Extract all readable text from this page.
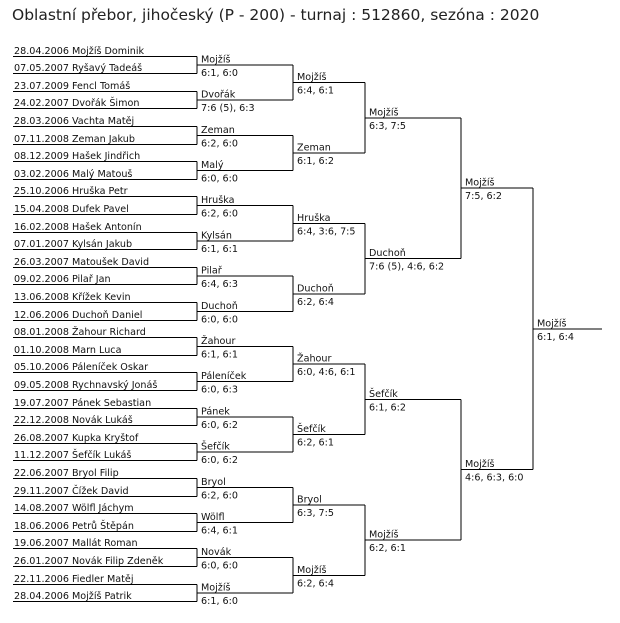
Oblastní přebor, jihočeský (P - 200) - turnaj : 512860, sezóna : 2020
28.04.2006 Mojžíš Dominik
07.05.2007 Ryšavý Tadeáš
23.07.2009 Fencl Tomáš
24.02.2007 Dvořák Šimon
28.03.2006 Vachta Matěj
07.11.2008 Zeman Jakub
08.12.2009 Hašek Jindřich
03.02.2006 Malý Matouš
25.10.2006 Hruška Petr
15.04.2008 Dufek Pavel
16.02.2008 Hašek Antonín
07.01.2007 Kylsán Jakub
26.03.2007 Matoušek David
09.02.2006 Pilař Jan
13.06.2008 Křížek Kevin
12.06.2006 Duchoň Daniel
08.01.2008 Žahour Richard
01.10.2008 Marn Luca
05.10.2006 Páleníček Oskar
09.05.2008 Rychnavský Jonáš
19.07.2007 Pánek Sebastian
22.12.2008 Novák Lukáš
26.08.2007 Kupka Kryštof
11.12.2007 Šefčík Lukáš
22.06.2007 Bryol Filip
29.11.2007 Čížek David
14.08.2007 Wölfl Jáchym
18.06.2006 Petrů Štěpán
19.06.2007 Mallát Roman
26.01.2007 Novák Filip Zdeněk
22.11.2006 Fiedler Matěj
28.04.2006 Mojžíš Patrik
Mojžíš
6:1, 6:0
Dvořák
7:6 (5), 6:3
Zeman
6:2, 6:0
Malý
6:0, 6:0
Hruška
6:2, 6:0
Kylsán
6:1, 6:1
Pilař
6:4, 6:3
Duchoň
6:0, 6:0
Žahour
6:1, 6:1
Páleníček
6:0, 6:3
Pánek
6:0, 6:2
Šefčík
6:0, 6:2
Bryol
6:2, 6:0
Wölfl
6:4, 6:1
Novák
6:0, 6:0
Mojžíš
6:1, 6:0
Mojžíš
6:4, 6:1
Zeman
6:1, 6:2
Hruška
6:4, 3:6, 7:5
Duchoň
6:2, 6:4
Žahour
6:0, 4:6, 6:1
Šefčík
6:2, 6:1
Bryol
6:3, 7:5
Mojžíš
6:2, 6:4
Mojžíš
6:3, 7:5
Duchoň
7:6 (5), 4:6, 6:2
Šefčík
6:1, 6:2
Mojžíš
6:2, 6:1
Mojžíš
7:5, 6:2
Mojžíš
4:6, 6:3, 6:0
Mojžíš
6:1, 6:4
